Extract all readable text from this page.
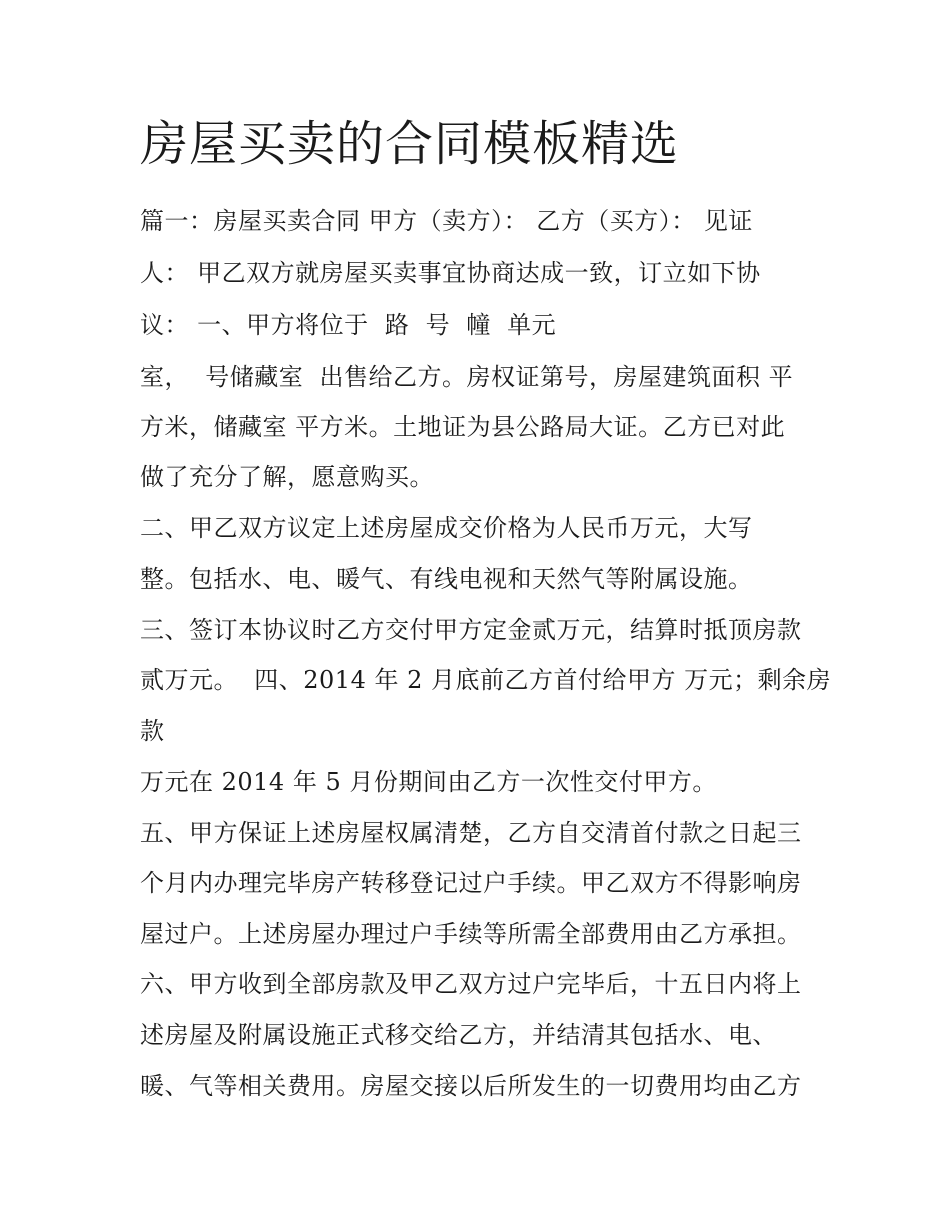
房屋买卖的合同模板精选

篇一：房屋买卖合同 甲方（卖方）： 乙方（买方）： 见证

人： 甲乙双方就房屋买卖事宜协商达成一致，订立如下协

议： 一、甲方将位于  路  号  幢  单元

室，  号储藏室  出售给乙方。房权证第号，房屋建筑面积 平

方米，储藏室 平方米。土地证为县公路局大证。乙方已对此

做了充分了解，愿意购买。

二、甲乙双方议定上述房屋成交价格为人民币万元，大写

整。包括水、电、暖气、有线电视和天然气等附属设施。

三、签订本协议时乙方交付甲方定金贰万元，结算时抵顶房款

贰万元。  四、2014 年 2 月底前乙方首付给甲方 万元；剩余房

款

万元在 2014 年 5 月份期间由乙方一次性交付甲方。

五、甲方保证上述房屋权属清楚，乙方自交清首付款之日起三

个月内办理完毕房产转移登记过户手续。甲乙双方不得影响房

屋过户。上述房屋办理过户手续等所需全部费用由乙方承担。

六、甲方收到全部房款及甲乙双方过户完毕后，十五日内将上

述房屋及附属设施正式移交给乙方，并结清其包括水、电、

暖、气等相关费用。房屋交接以后所发生的一切费用均由乙方
